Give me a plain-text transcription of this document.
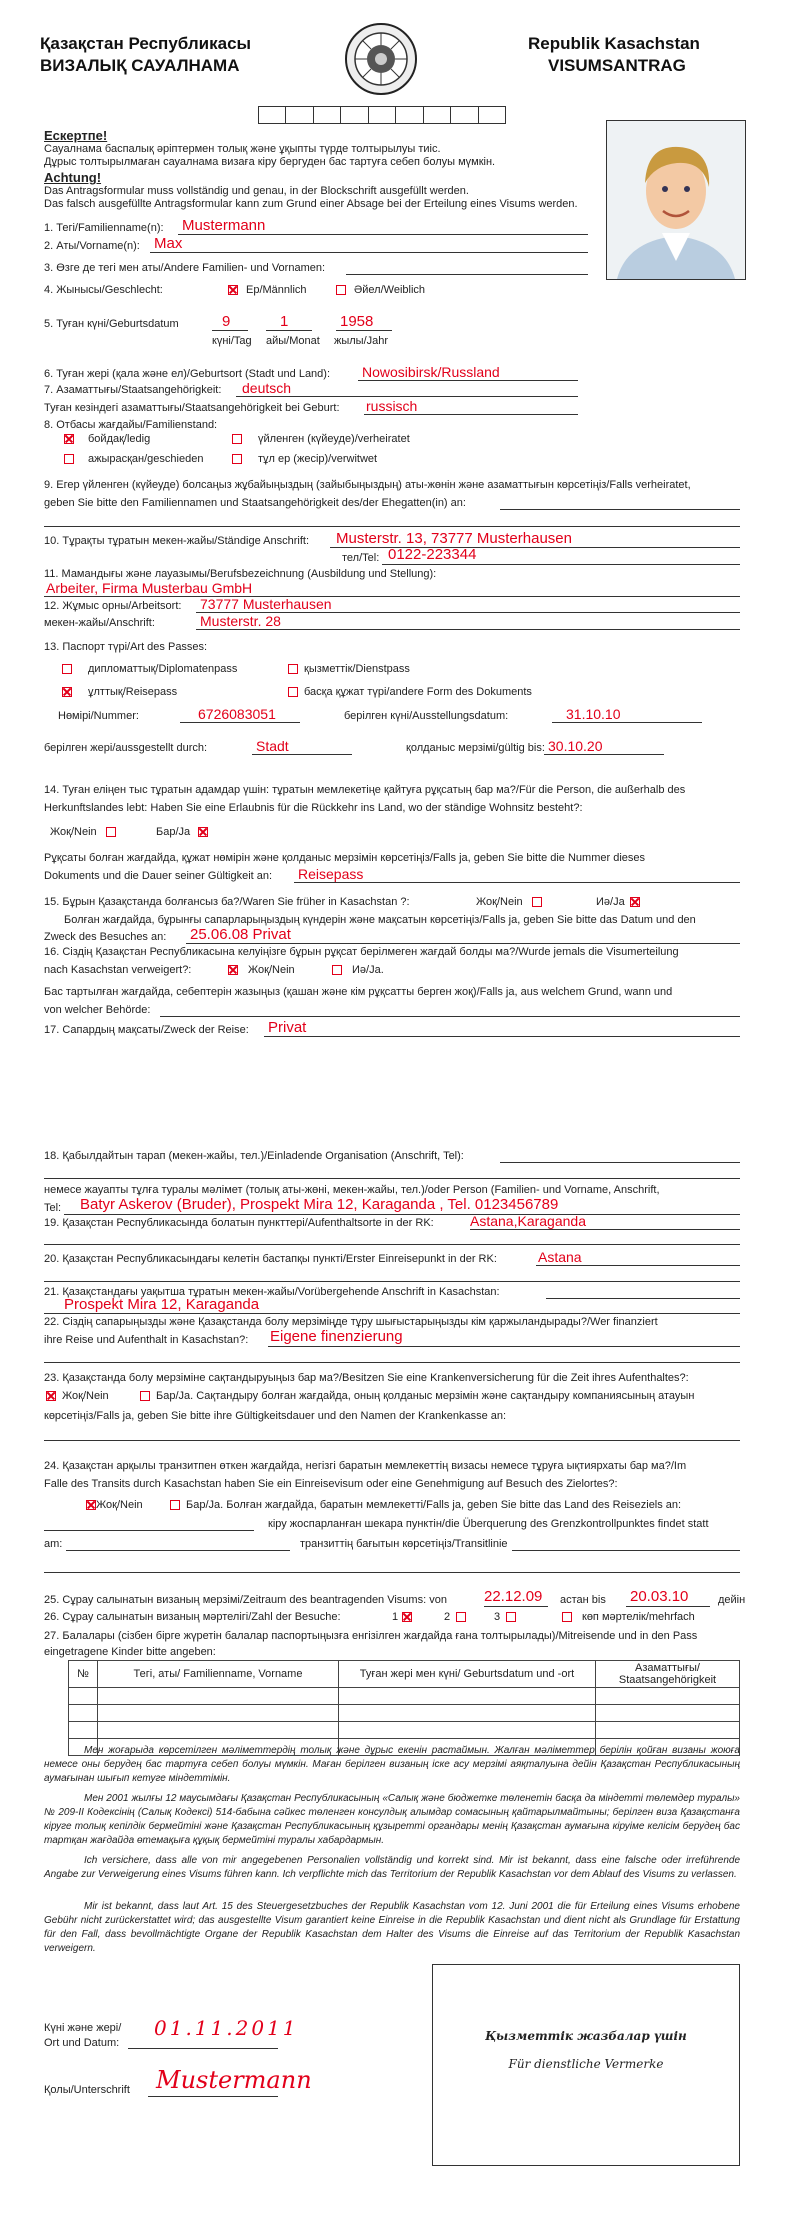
Қазақстан Республикасы
ВИЗАЛЫҚ САУАЛНАМА
Republik Kasachstan
VISUMSANTRAG
Ескертпе!
Сауалнама баспалық әріптермен толық және ұқыпты түрде толтырылуы тиіс.
Дұрыс толтырылмаған сауалнама визаға кіру бергуден бас тартуға себеп болуы мүмкін.
Achtung!
Das Antragsformular muss vollständig und genau, in der Blockschrift ausgefüllt werden.
Das falsch ausgefüllte Antragsformular kann zum Grund einer Absage bei der Erteilung eines Visums werden.
1. Тегі/Familienname(n): Mustermann
2. Аты/Vorname(n): Max
3. Өзге де тегі мен аты/Andere Familien- und Vornamen:
4. Жынысы/Geschlecht:	Ер/Männlich	Әйел/Weiblich
5. Туған күні/Geburtsdatum	9	1	1958
күні/Tag айы/Monat жылы/Jahr
6. Туған жері (қала және ел)/Geburtsort (Stadt und Land): Nowosibirsk/Russland
7. Азаматтығы/Staatsangehörigkeit: deutsch
Туған кезіндегі азаматтығы/Staatsangehörigkeit bei Geburt: russisch
8. Отбасы жағдайы/Familienstand:
бойдақ/ledig	үйленген (күйеуде)/verheiratet
ажырасқан/geschieden	тұл ер (жесір)/verwitwet
9. Егер үйленген (күйеуде) болсаңыз жұбайыңыздың (зайыбыңыздың) аты-жөнін және азаматтығын көрсетіңіз/Falls verheiratet,
geben Sie bitte den Familiennamen und Staatsangehörigkeit des/der Ehegatten(in) an:
10. Тұрақты тұратын мекен-жайы/Ständige Anschrift: Musterstr. 13, 73777 Musterhausen
тел/Tel: 0122-223344
11. Мамандығы және лауазымы/Berufsbezeichnung (Ausbildung und Stellung):
Arbeiter, Firma Musterbau GmbH
12. Жұмыс орны/Arbeitsort: 73777 Musterhausen
мекен-жайы/Anschrift:	Musterstr. 28
13. Паспорт түрі/Art des Passes:
дипломаттық/Diplomatenpass	қызметтік/Dienstpass
ұлттық/Reisepass	басқа құжат түрі/andere Form des Dokuments
Нөмірі/Nummer:	6726083051	берілген күні/Ausstellungsdatum:	31.10.10
берілген жері/aussgestellt durch:	Stadt	қолданыс мерзімі/gültig bis: 30.10.20
14. Туған еліңен тыс тұратын адамдар үшін: тұратын мемлекетіңе қайтуға рұқсатың бар ма?/Für die Person, die außerhalb des
Herkunftslandes lebt: Haben Sie eine Erlaubnis für die Rückkehr ins Land, wo der ständige Wohnsitz besteht?:
Жоқ/Nein	Бар/Ja
Рұқсаты болған жағдайда, құжат нөмірін және қолданыс мерзімін көрсетіңіз/Falls ja, geben Sie bitte die Nummer dieses
Dokuments und die Dauer seiner Gültigkeit an: Reisepass
15. Бұрын Қазақстанда болғансыз ба?/Waren Sie früher in Kasachstan ?:	Жоқ/Nein	Иә/Ja
Болған жағдайда, бұрынғы сапарларыңыздың күндерін және мақсатын көрсетіңіз/Falls ja, geben Sie bitte das Datum und den
Zweck des Besuches an: 25.06.08 Privat
16. Сіздің Қазақстан Республикасына келуіңізге бұрын рұқсат берілмеген жағдай болды ма?/Wurde jemals die Visumerteilung
nach Kasachstan verweigert?:	Жоқ/Nein	Иә/Ja.
Бас тартылған жағдайда, себептерін жазыңыз (қашан және кім рұқсатты берген жоқ)/Falls ja, aus welchem Grund, wann und
von welcher Behörde:
17. Сапардың мақсаты/Zweck der Reise: Privat
18. Қабылдайтын тарап (мекен-жайы, тел.)/Einladende Organisation (Anschrift, Tel):
немесе жауапты тұлға туралы мәлімет (толық аты-жөні, мекен-жайы, тел.)/oder Person (Familien- und Vorname, Anschrift,
Tel: Batyr Askerov (Bruder), Prospekt Mira 12, Karaganda , Tel. 0123456789
19. Қазақстан Республикасында болатын пункттері/Aufenthaltsorte in der RK:	Astana,Karaganda
20. Қазақстан Республикасындағы келетін бастапқы пункті/Erster Einreisepunkt in der RK:	Astana
21. Қазақстандағы уақытша тұратын мекен-жайы/Vorübergehende Anschrift in Kasachstan:
Prospekt Mira 12, Karaganda
22. Сіздің сапарыңызды және Қазақстанда болу мерзіміңде тұру шығыстарыңызды кім қаржыландырады?/Wer finanziert
ihre Reise und Aufenthalt in Kasachstan?: Eigene finenzierung
23. Қазақстанда болу мерзіміне сақтандыруыңыз бар ма?/Besitzen Sie eine Krankenversicherung für die Zeit ihres Aufenthaltes?:
Жоқ/Nein	Бар/Ja. Сақтандыру болған жағдайда, оның қолданыс мерзімін және сақтандыру компаниясының атауын
көрсетіңіз/Falls ja, geben Sie bitte ihre Gültigkeitsdauer und den Namen der Krankenkasse an:
24. Қазақстан арқылы транзитпен өткен жағдайда, негізгі баратын мемлекеттің визасы немесе тұруға ықтиярхаты бар ма?/Im
Falle des Transits durch Kasachstan haben Sie ein Einreisevisum oder eine Genehmigung auf Besuch des Zielortes?:
Жоқ/Nein	Бар/Ja. Болған жағдайда, баратын мемлекетті/Falls ja, geben Sie bitte das Land des Reiseziels an:
кіру жоспарланған шекара пунктін/die Überquerung des Grenzkontrollpunktes findet statt
am:	транзиттің бағытын көрсетіңіз/Transitlinie
25. Сұрау салынатын визаның мерзімі/Zeitraum des beantragenden Visums: von 22.12.09 астан bis 20.03.10	дейін
26. Сұрау салынатын визаның мәртелігі/Zahl der Besuche:	1	2	3	көп мәртелік/mehrfach
27. Балалары (сізбен бірге жүретін балалар паспортыңызға енгізілген жағдайда ғана толтырылады)/Mitreisende und in den Pass
eingetragene Kinder bitte angeben:
№	Тегі, аты/ Familienname, Vorname	Туған жері мен күні/ Geburtsdatum und -ort	Азаматтығы/ Staatsangehörigkeit

Мен жоғарыда көрсетілген мәліметтердің толық және дұрыс екенін растаймын. Жалған мәліметтер берілін қойған визаны жоюға немесе оны берудең бас тартуға себеп болуы мүмкін. Маған берілген визаның іске асу мерзімі аяқталуына дейін Қазақстан Республикасының аумағынан шығып кетуге міндеттімін.
Мен 2001 жылғы 12 маусымдағы Қазақстан Республикасының «Салық және бюджетке төленетін басқа да міндетті төлемдер туралы» № 209-II Кодексінің (Салық Кодексі) 514-бабына сәйкес төленген консулдық алымдар сомасының қайтарылмайтыны; берілген виза Қазақстанға кіруге толық кепілдік бермейтіні және Қазақстан Республикасының құзыретті органдары менің Қазақстан аумағына кіруіме келісім берудең бас тартқан жағдайда өтемақыға құқық бермейтіні туралы хабардармын.
Ich versichere, dass alle von mir angegebenen Personalien vollständig und korrekt sind. Mir ist bekannt, dass eine falsche oder irreführende Angabe zur Verweigerung eines Visums führen kann. Ich verpflichte mich das Territorium der Republik Kasachstan vor dem Ablauf des Visums zu verlassen.
Mir ist bekannt, dass laut Art. 15 des Steuergesetzbuches der Republik Kasachstan vom 12. Juni 2001 die für Erteilung eines Visums erhobene Gebühr nicht zurückerstattet wird; das ausgestellte Visum garantiert keine Einreise in die Republik Kasachstan und dient nicht als Grundlage für Erstattung für den Fall, dass bevollmächtigte Organe der Republik Kasachstan dem Halter des Visums die Einreise auf das Territorium der Republik Kasachstan verweigern.
Күні және жері/
Ort und Datum:
01.11.2011
Қолы/Unterschrift Mustermann
Қызметтік жазбалар үшін
Für dienstliche Vermerke
